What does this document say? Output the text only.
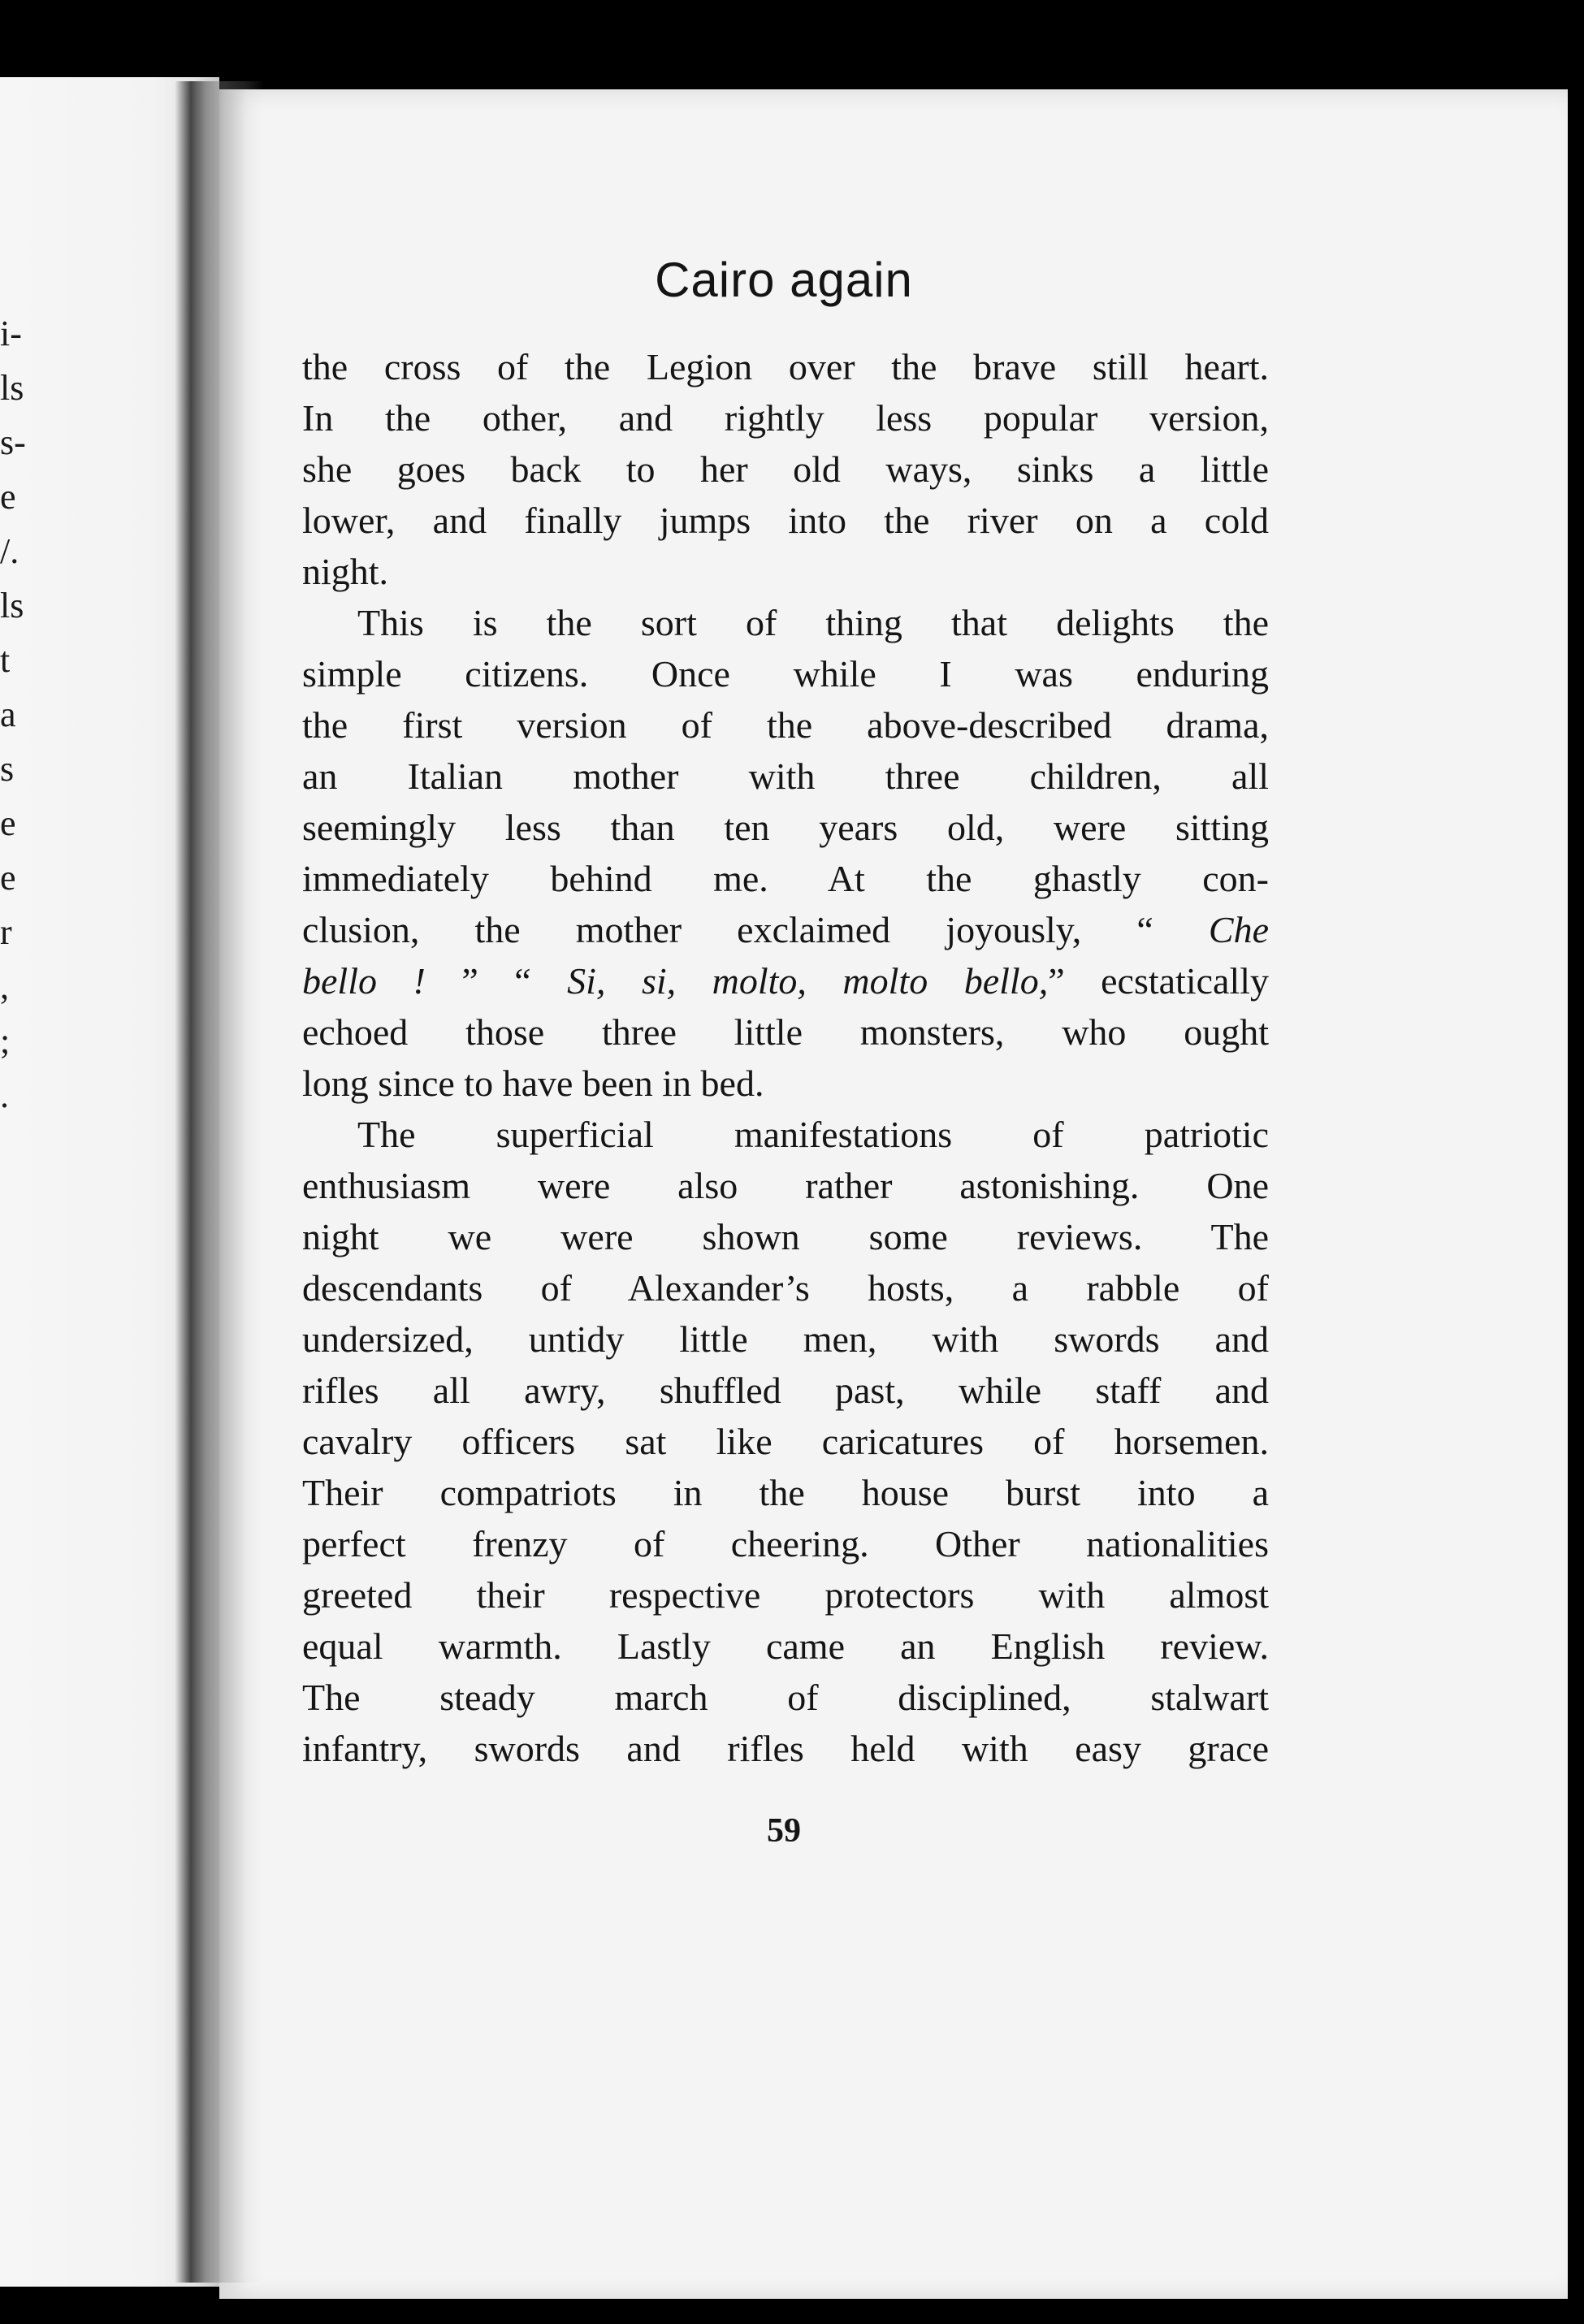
i-
ls
s-
e
/.
ls
t
a
s
e
e
r
,
;
.
Cairo again
the cross of the Legion over the brave still heart.
In the other, and rightly less popular version,
she goes back to her old ways, sinks a little
lower, and finally jumps into the river on a cold
night.
This is the sort of thing that delights the
simple citizens. Once while I was enduring
the first version of the above-described drama,
an Italian mother with three children, all
seemingly less than ten years old, were sitting
immediately behind me. At the ghastly con-
clusion, the mother exclaimed joyously, “ Che
bello ! ” “ Si, si, molto, molto bello,” ecstatically
echoed those three little monsters, who ought
long since to have been in bed.
The superficial manifestations of patriotic
enthusiasm were also rather astonishing. One
night we were shown some reviews. The
descendants of Alexander’s hosts, a rabble of
undersized, untidy little men, with swords and
rifles all awry, shuffled past, while staff and
cavalry officers sat like caricatures of horsemen.
Their compatriots in the house burst into a
perfect frenzy of cheering. Other nationalities
greeted their respective protectors with almost
equal warmth. Lastly came an English review.
The steady march of disciplined, stalwart
infantry, swords and rifles held with easy grace
59
